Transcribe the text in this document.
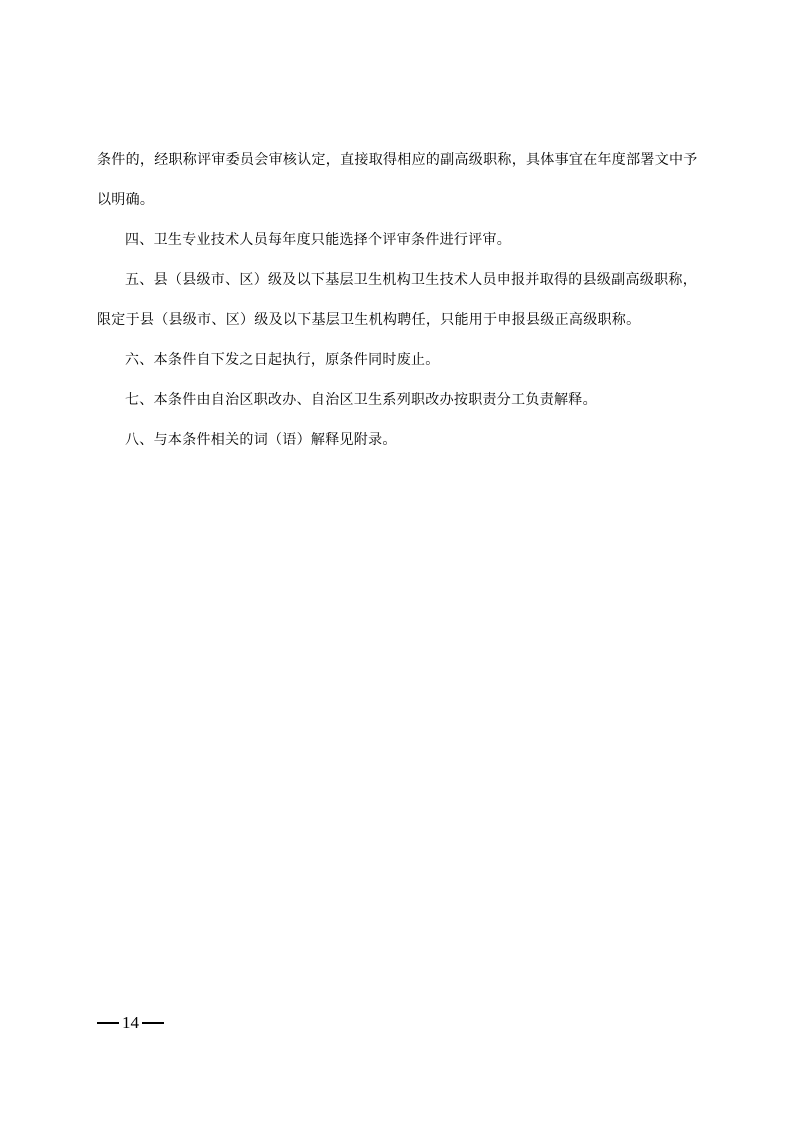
条件的，经职称评审委员会审核认定，直接取得相应的副高级职称，具体事宜在年度部署文中予
以明确。
四、卫生专业技术人员每年度只能选择个评审条件进行评审。
五、县（县级市、区）级及以下基层卫生机构卫生技术人员申报并取得的县级副高级职称，
限定于县（县级市、区）级及以下基层卫生机构聘任，只能用于申报县级正高级职称。
六、本条件自下发之日起执行，原条件同时废止。
七、本条件由自治区职改办、自治区卫生系列职改办按职责分工负责解释。
八、与本条件相关的词（语）解释见附录。
14
